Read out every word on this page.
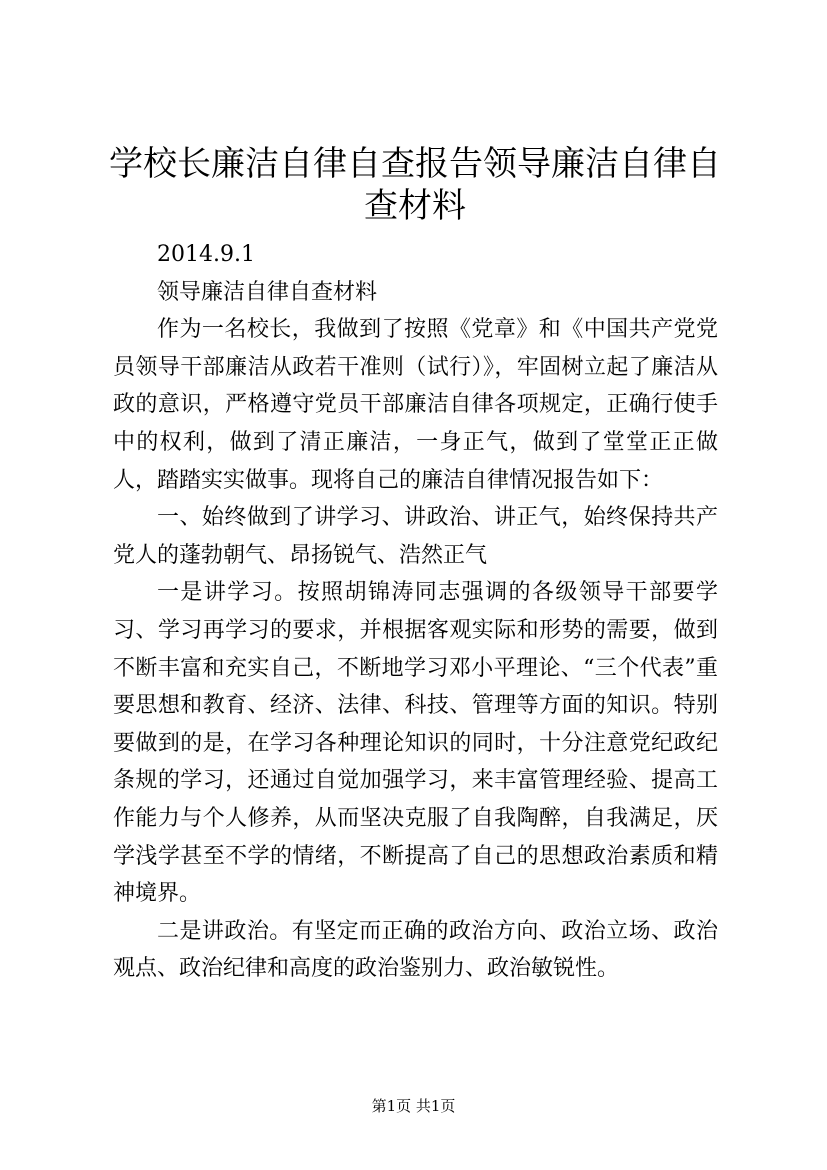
学校长廉洁自律自查报告领导廉洁自律自查材料

2014.9.1

领导廉洁自律自查材料

作为一名校长，我做到了按照《党章》和《中国共产党党员领导干部廉洁从政若干准则（试行）》，牢固树立起了廉洁从政的意识，严格遵守党员干部廉洁自律各项规定，正确行使手中的权利，做到了清正廉洁，一身正气，做到了堂堂正正做人，踏踏实实做事。现将自己的廉洁自律情况报告如下：

一、始终做到了讲学习、讲政治、讲正气，始终保持共产党人的蓬勃朝气、昂扬锐气、浩然正气

一是讲学习。按照胡锦涛同志强调的各级领导干部要学习、学习再学习的要求，并根据客观实际和形势的需要，做到不断丰富和充实自己，不断地学习邓小平理论、“三个代表”重要思想和教育、经济、法律、科技、管理等方面的知识。特别要做到的是，在学习各种理论知识的同时，十分注意党纪政纪条规的学习，还通过自觉加强学习，来丰富管理经验、提高工作能力与个人修养，从而坚决克服了自我陶醉，自我满足，厌学浅学甚至不学的情绪，不断提高了自己的思想政治素质和精神境界。

二是讲政治。有坚定而正确的政治方向、政治立场、政治观点、政治纪律和高度的政治鉴别力、政治敏锐性。

第1页 共1页
